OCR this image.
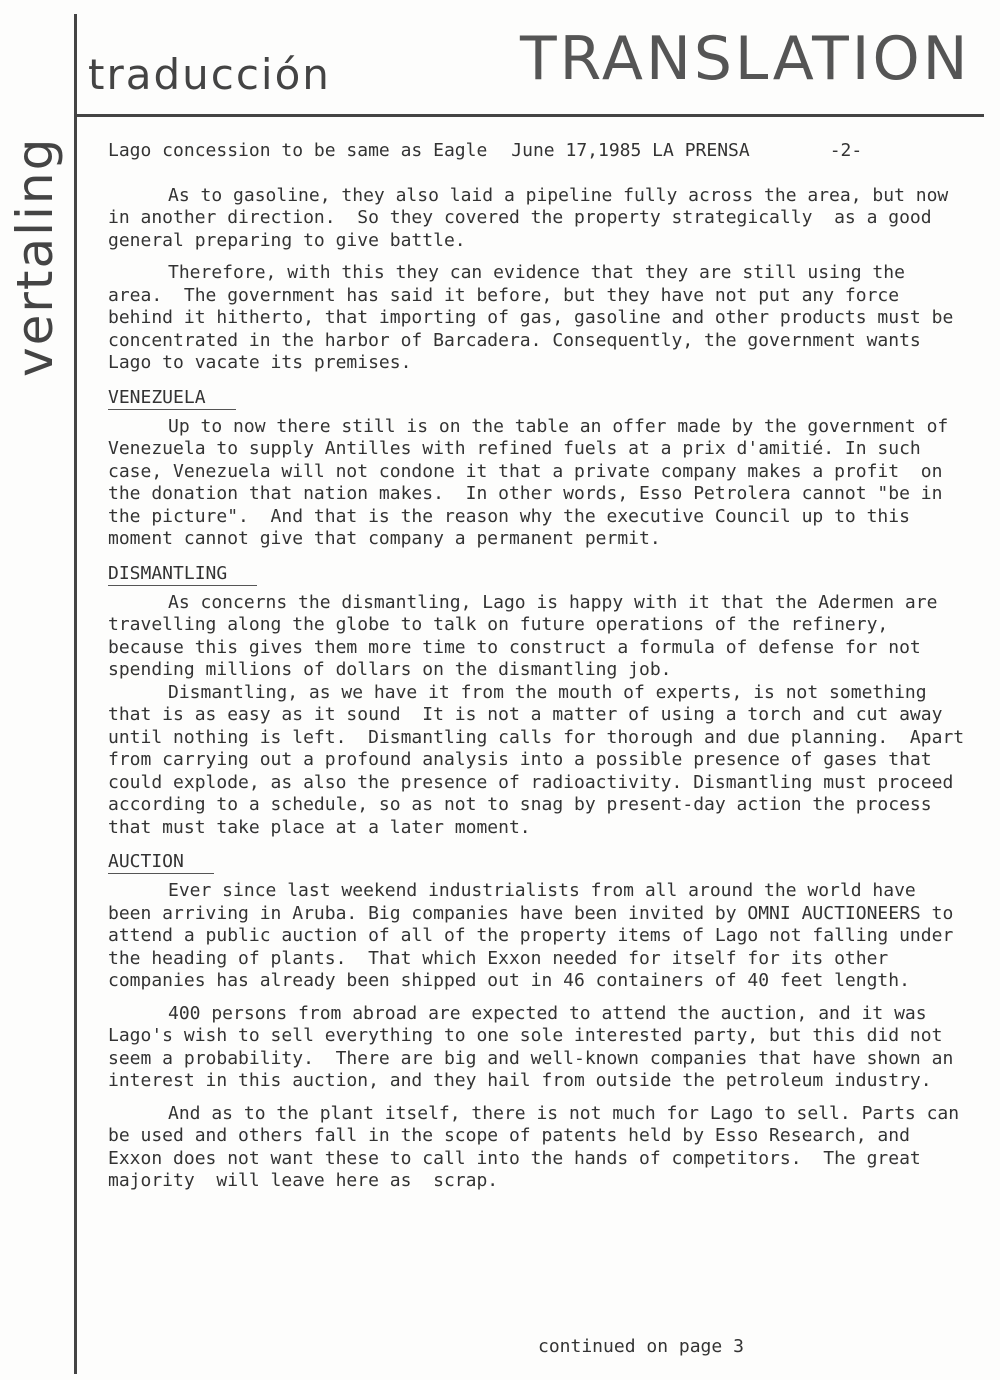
vertaling
traducción	TRANSLATION
Lago concession to be same as Eagle June 17,1985 LA PRENSA	-2-

As to gasoline, they also laid a pipeline fully across the area, but now in another direction.  So they covered the property strategically  as a good general preparing to give battle.

Therefore, with this they can evidence that they are still using the area.  The government has said it before, but they have not put any force behind it hitherto, that importing of gas, gasoline and other products must be concentrated in the harbor of Barcadera. Consequently, the government wants Lago to vacate its premises.

VENEZUELA

Up to now there still is on the table an offer made by the government of Venezuela to supply Antilles with refined fuels at a prix d'amitié. In such case, Venezuela will not condone it that a private company makes a profit  on the donation that nation makes.  In other words, Esso Petrolera cannot "be in the picture".  And that is the reason why the executive Council up to this moment cannot give that company a permanent permit.

DISMANTLING

As concerns the dismantling, Lago is happy with it that the Adermen are travelling along the globe to talk on future operations of the refinery, because this gives them more time to construct a formula of defense for not spending millions of dollars on the dismantling job.

Dismantling, as we have it from the mouth of experts, is not something that is as easy as it sound  It is not a matter of using a torch and cut away until nothing is left.  Dismantling calls for thorough and due planning.  Apart from carrying out a profound analysis into a possible presence of gases that could explode, as also the presence of radioactivity. Dismantling must proceed according to a schedule, so as not to snag by present-day action the process that must take place at a later moment.

AUCTION

Ever since last weekend industrialists from all around the world have been arriving in Aruba. Big companies have been invited by OMNI AUCTIONEERS to attend a public auction of all of the property items of Lago not falling under the heading of plants.  That which Exxon needed for itself for its other companies has already been shipped out in 46 containers of 40 feet length.

400 persons from abroad are expected to attend the auction, and it was Lago's wish to sell everything to one sole interested party, but this did not seem a probability.  There are big and well-known companies that have shown an interest in this auction, and they hail from outside the petroleum industry.

And as to the plant itself, there is not much for Lago to sell. Parts can be used and others fall in the scope of patents held by Esso Research, and Exxon does not want these to call into the hands of competitors.  The great majority  will leave here as  scrap.

continued on page 3
